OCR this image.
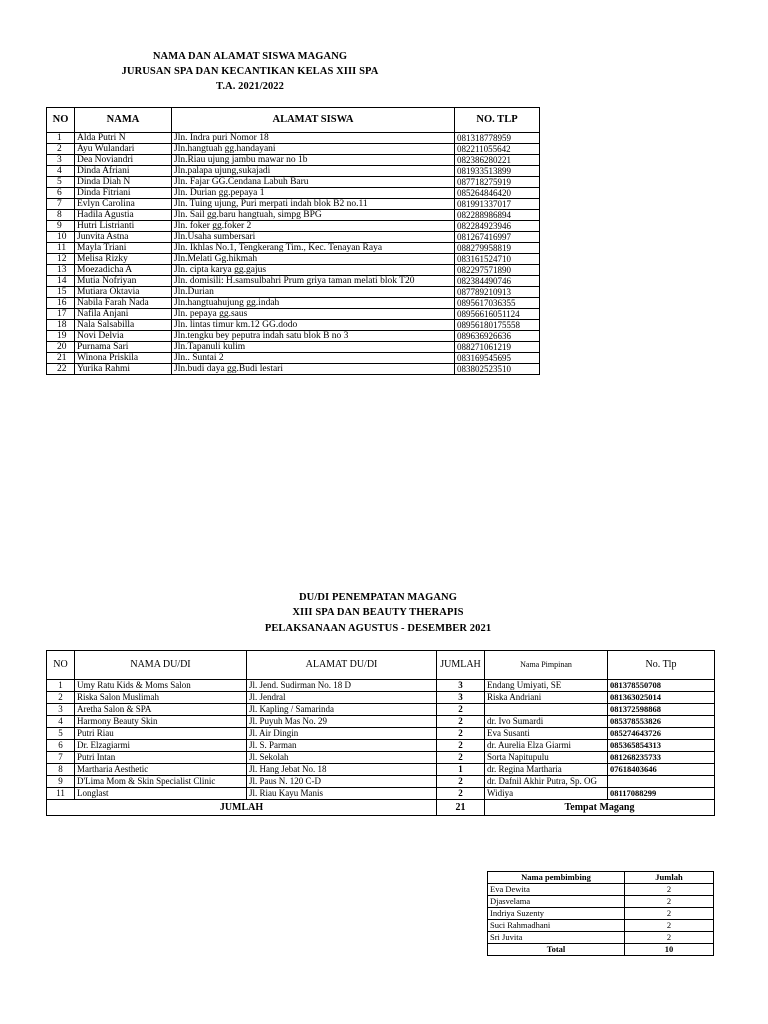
NAMA DAN ALAMAT SISWA MAGANG
JURUSAN SPA DAN KECANTIKAN KELAS XIII SPA
T.A. 2021/2022
NO	NAMA	ALAMAT SISWA	NO. TLP
1	Alda Putri N	Jln. Indra puri Nomor 18	081318778959
2	Ayu Wulandari	Jln.hangtuah gg.handayani	082211055642
3	Dea Noviandri	Jln.Riau ujung jambu mawar no 1b	082386280221
4	Dinda Afriani	Jln.palapa ujung,sukajadi	081933513899
5	Dinda Diah N	Jln. Fajar GG.Cendana Labuh Baru	087718275919
6	Dinda Fitriani	Jln. Durian gg.pepaya 1	085264846420
7	Evlyn Carolina	Jln. Tuing ujung, Puri merpati indah blok B2 no.11	081991337017
8	Hadila Agustia	Jln. Sail gg.baru hangtuah, simpg BPG	082288986894
9	Hutri Listrianti	Jln. foker gg.foker 2	082284923946
10	Junvita Astna	Jln.Usaha sumbersari	081267416997
11	Mayla Triani	Jln. Ikhlas No.1, Tengkerang Tim., Kec. Tenayan Raya	088279958819
12	Melisa Rizky	Jln.Melati Gg.hikmah	083161524710
13	Moezadicha A	Jln. cipta karya gg.gajus	082297571890
14	Mutia Nofriyan	Jln. domisili: H.samsulbahri Prum griya taman melati blok T20	082384490746
15	Mutiara Oktavia	Jln.Durian	087789210913
16	Nabila Farah Nada	Jln.hangtuahujung gg.indah	0895617036355
17	Nafila Anjani	Jln. pepaya gg.saus	08956616051124
18	Nala Salsabilla	Jln. lintas timur km.12 GG.dodo	08956180175558
19	Novi Delvia	Jln.tengku bey peputra indah satu blok B no 3	089636926636
20	Purnama Sari	Jln.Tapanuli kulim	088271061219
21	Winona Priskila	Jln.. Suntai 2	083169545695
22	Yurika Rahmi	Jln.budi daya gg.Budi lestari	083802523510
DU/DI PENEMPATAN MAGANG
XIII SPA DAN BEAUTY THERAPIS
PELAKSANAAN AGUSTUS - DESEMBER 2021
NO	NAMA DU/DI	ALAMAT DU/DI	JUMLAH	Nama Pimpinan	No. Tlp
1	Umy Ratu Kids & Moms Salon	Jl. Jend. Sudirman No. 18 D	3	Endang Umiyati, SE	081378550708
2	Riska Salon Muslimah	Jl. Jendral	3	Riska Andriani	081363025014
3	Aretha Salon & SPA	Jl. Kapling / Samarinda	2		081372598868
4	Harmony Beauty Skin	Jl. Puyuh Mas No. 29	2	dr. Ivo Sumardi	085378553826
5	Putri Riau	Jl. Air Dingin	2	Eva Susanti	085274643726
6	Dr. Elzagiarmi	Jl. S. Parman	2	dr. Aurelia Elza Giarmi	085365854313
7	Putri Intan	Jl. Sekolah	2	Sorta Napitupulu	081268235733
8	Martharia Aesthetic	Jl. Hang Jebat No. 18	1	dr. Regina Martharia	07618403646
9	D'Lima Mom & Skin Specialist Clinic	Jl. Paus N. 120 C-D	2	dr. Dafnil Akhir Putra, Sp. OG	
11	Longlast	Jl. Riau Kayu Manis	2	Widiya	08117088299
JUMLAH			21	Tempat Magang	
Nama pembimbing	Jumlah
Eva Dewita	2
Djasvelama	2
Indriya Suzenty	2
Suci Rahmadhani	2
Sri Juvita	2
Total	10
